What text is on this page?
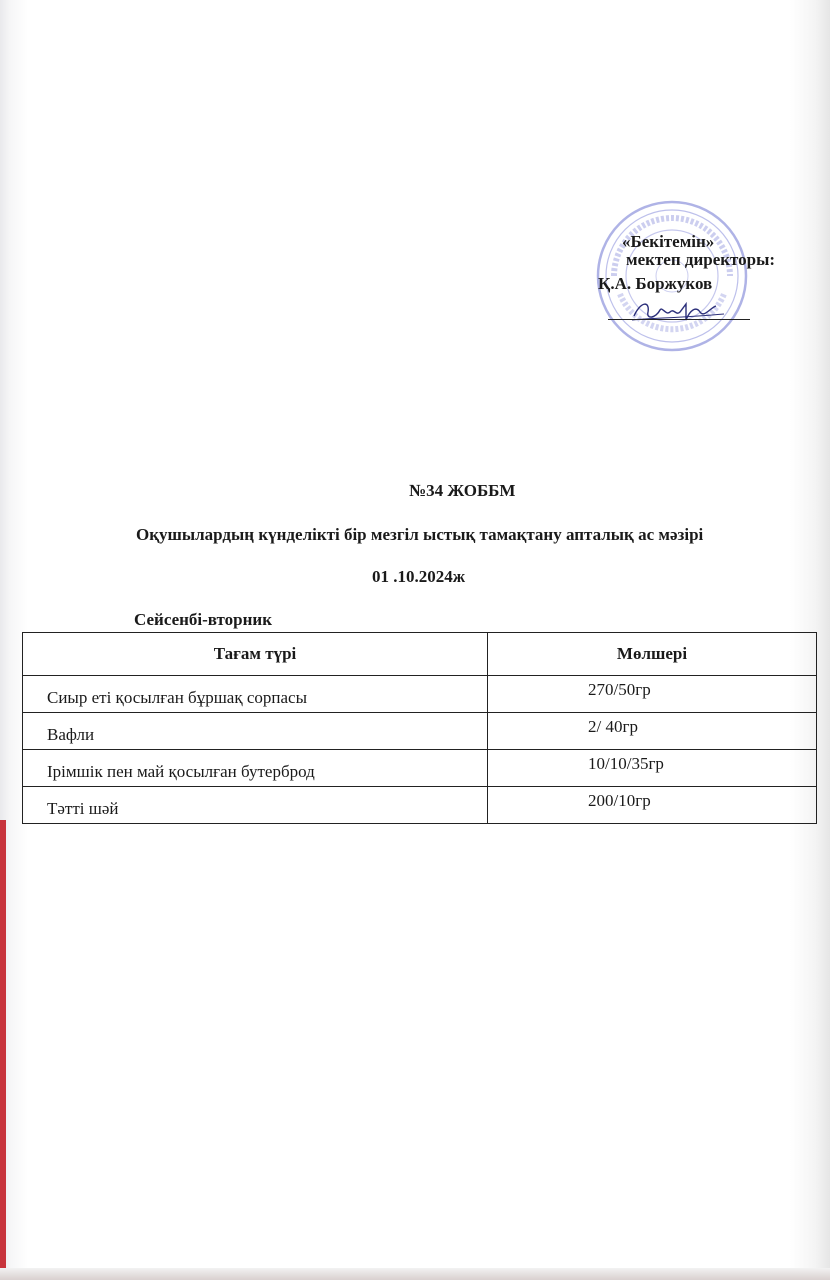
«Бекітемін»
мектеп директоры:
Қ.А. Боржуков
№34 ЖОББМ
Оқушылардың күнделікті бір мезгіл ыстық тамақтану апталық ас мәзірі
01 .10.2024ж
Сейсенбі-вторник
Тағам түрі	Мөлшері

Сиыр еті қосылған бұршақ сорпасы	270/50гр

Вафли	2/ 40гр

Ірімшік пен май қосылған бутерброд	10/10/35гр

Тәтті шәй	200/10гр
